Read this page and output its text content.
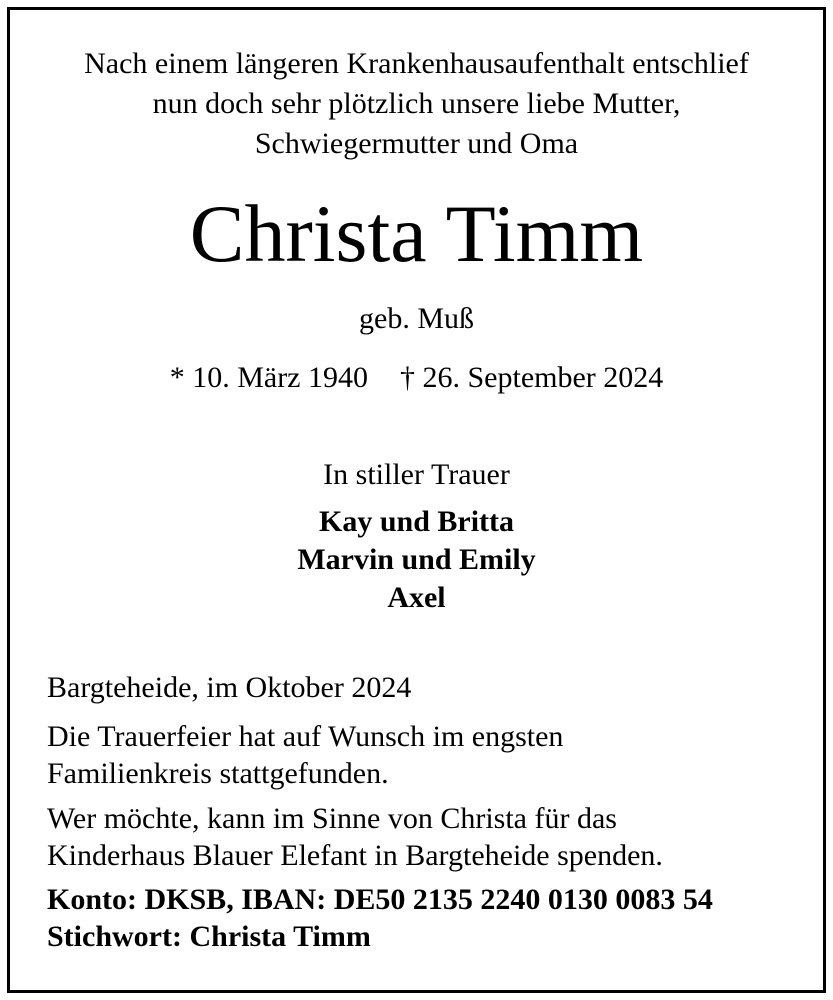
Nach einem längeren Krankenhausaufenthalt entschlief
nun doch sehr plötzlich unsere liebe Mutter,
Schwiegermutter und Oma
Christa Timm
geb. Muß
* 10. März 1940 † 26. September 2024
In stiller Trauer
Kay und Britta
Marvin und Emily
Axel
Bargteheide, im Oktober 2024
Die Trauerfeier hat auf Wunsch im engsten
Familienkreis stattgefunden.
Wer möchte, kann im Sinne von Christa für das
Kinderhaus Blauer Elefant in Bargteheide spenden.
Konto: DKSB, IBAN: DE50 2135 2240 0130 0083 54
Stichwort: Christa Timm
